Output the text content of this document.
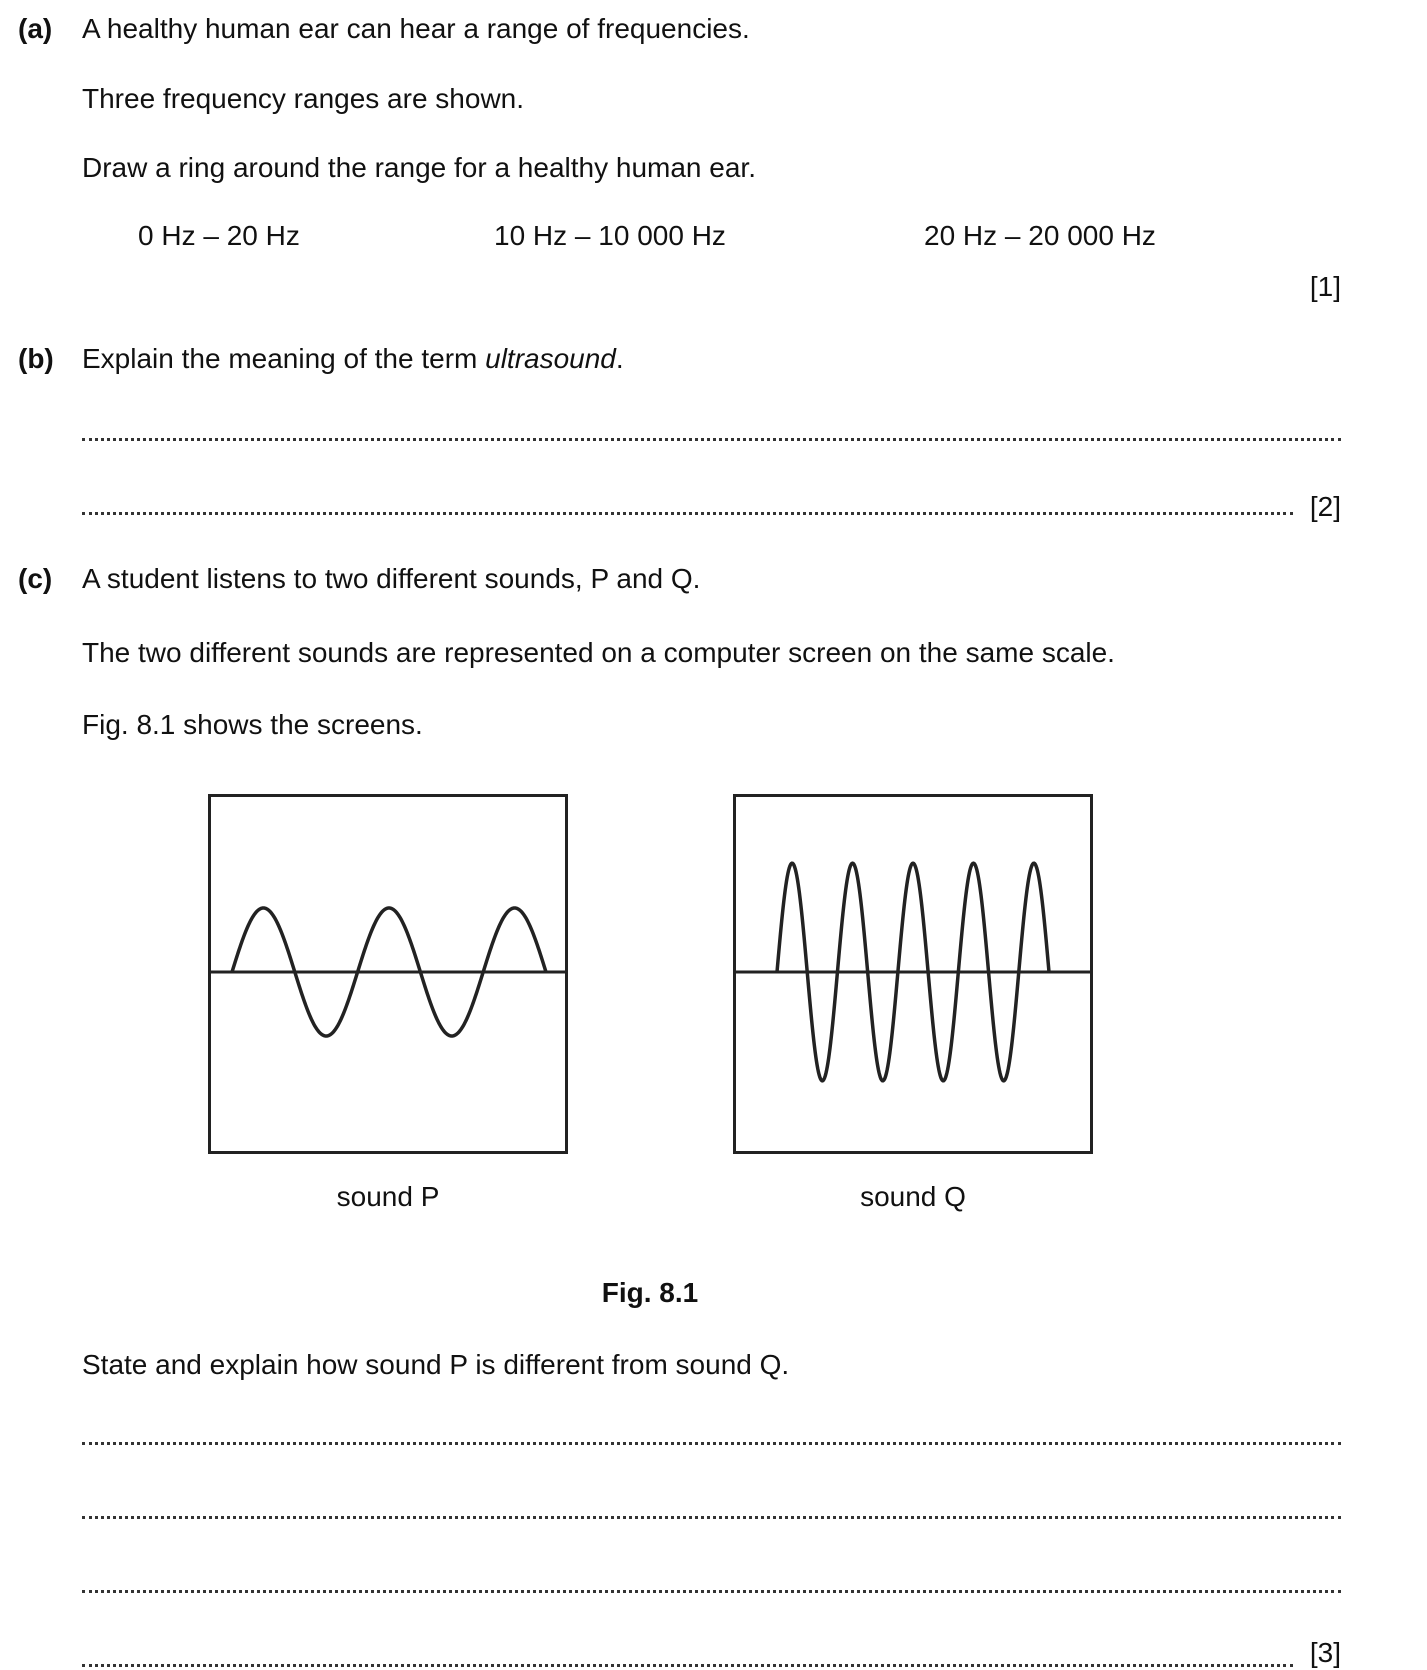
(a) A healthy human ear can hear a range of frequencies.
Three frequency ranges are shown.
Draw a ring around the range for a healthy human ear.
0 Hz – 20 Hz	10 Hz – 10 000 Hz	20 Hz – 20 000 Hz
[1]
(b) Explain the meaning of the term ultrasound.
[2]
(c) A student listens to two different sounds, P and Q.
The two different sounds are represented on a computer screen on the same scale.
Fig. 8.1 shows the screens.
sound P	sound Q
Fig. 8.1
State and explain how sound P is different from sound Q.
[3]
